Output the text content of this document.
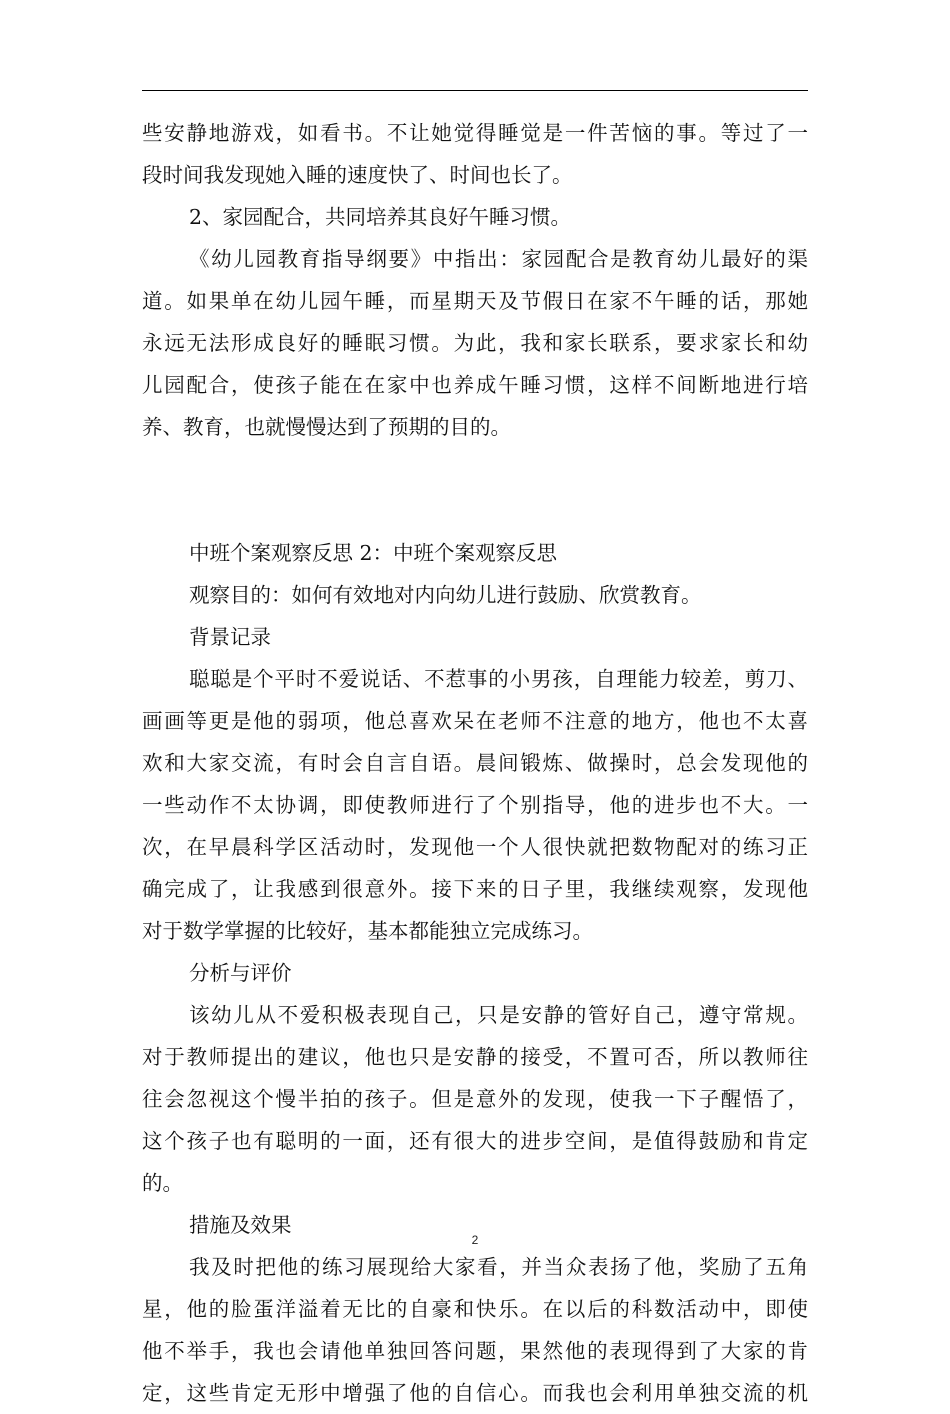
些安静地游戏，如看书。不让她觉得睡觉是一件苦恼的事。等过了一
段时间我发现她入睡的速度快了、时间也长了。
2、家园配合，共同培养其良好午睡习惯。
《幼儿园教育指导纲要》中指出：家园配合是教育幼儿最好的渠
道。如果单在幼儿园午睡，而星期天及节假日在家不午睡的话，那她
永远无法形成良好的睡眠习惯。为此，我和家长联系，要求家长和幼
儿园配合，使孩子能在在家中也养成午睡习惯，这样不间断地进行培
养、教育，也就慢慢达到了预期的目的。
中班个案观察反思 2：中班个案观察反思
观察目的：如何有效地对内向幼儿进行鼓励、欣赏教育。
背景记录
聪聪是个平时不爱说话、不惹事的小男孩，自理能力较差，剪刀、
画画等更是他的弱项，他总喜欢呆在老师不注意的地方，他也不太喜
欢和大家交流，有时会自言自语。晨间锻炼、做操时，总会发现他的
一些动作不太协调，即使教师进行了个别指导，他的进步也不大。一
次，在早晨科学区活动时，发现他一个人很快就把数物配对的练习正
确完成了，让我感到很意外。接下来的日子里，我继续观察，发现他
对于数学掌握的比较好，基本都能独立完成练习。
分析与评价
该幼儿从不爱积极表现自己，只是安静的管好自己，遵守常规。
对于教师提出的建议，他也只是安静的接受，不置可否，所以教师往
往会忽视这个慢半拍的孩子。但是意外的发现，使我一下子醒悟了，
这个孩子也有聪明的一面，还有很大的进步空间，是值得鼓励和肯定
的。
措施及效果
我及时把他的练习展现给大家看，并当众表扬了他，奖励了五角
星，他的脸蛋洋溢着无比的自豪和快乐。在以后的科数活动中，即使
他不举手，我也会请他单独回答问题，果然他的表现得到了大家的肯
定，这些肯定无形中增强了他的自信心。而我也会利用单独交流的机
2
